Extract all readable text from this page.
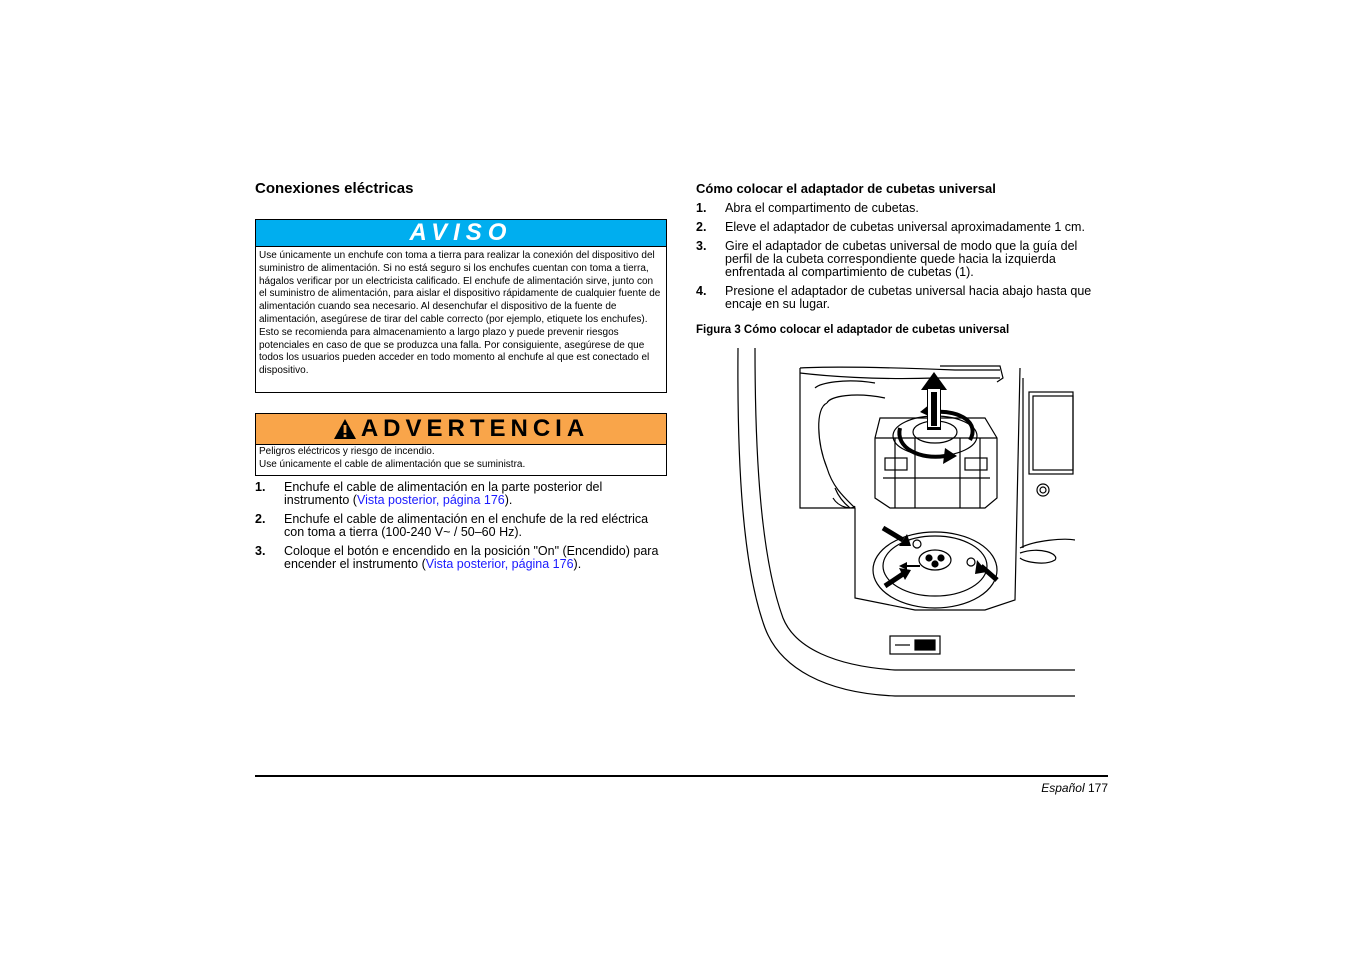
Conexiones eléctricas
AVISO
Use únicamente un enchufe con toma a tierra para realizar la conexión del dispositivo del suministro de alimentación. Si no está seguro si los enchufes cuentan con toma a tierra, hágalos verificar por un electricista calificado. El enchufe de alimentación sirve, junto con el suministro de alimentación, para aislar el dispositivo rápidamente de cualquier fuente de alimentación cuando sea necesario. Al desenchufar el dispositivo de la fuente de alimentación, asegúrese de tirar del cable correcto (por ejemplo, etiquete los enchufes). Esto se recomienda para almacenamiento a largo plazo y puede prevenir riesgos potenciales en caso de que se produzca una falla. Por consiguiente, asegúrese de que todos los usuarios pueden acceder en todo momento al enchufe al que est conectado el dispositivo.
ADVERTENCIA
Peligros eléctricos y riesgo de incendio.
Use únicamente el cable de alimentación que se suministra.
1. Enchufe el cable de alimentación en la parte posterior del instrumento (Vista posterior, página 176).
2. Enchufe el cable de alimentación en el enchufe de la red eléctrica con toma a tierra (100-240 V~ / 50–60 Hz).
3. Coloque el botón e encendido en la posición "On" (Encendido) para encender el instrumento (Vista posterior, página 176).
Cómo colocar el adaptador de cubetas universal
1. Abra el compartimento de cubetas.
2. Eleve el adaptador de cubetas universal aproximadamente 1 cm.
3. Gire el adaptador de cubetas universal de modo que la guía del perfil de la cubeta correspondiente quede hacia la izquierda enfrentada al compartimiento de cubetas (1).
4. Presione el adaptador de cubetas universal hacia abajo hasta que encaje en su lugar.
Figura 3 Cómo colocar el adaptador de cubetas universal
Español 177
